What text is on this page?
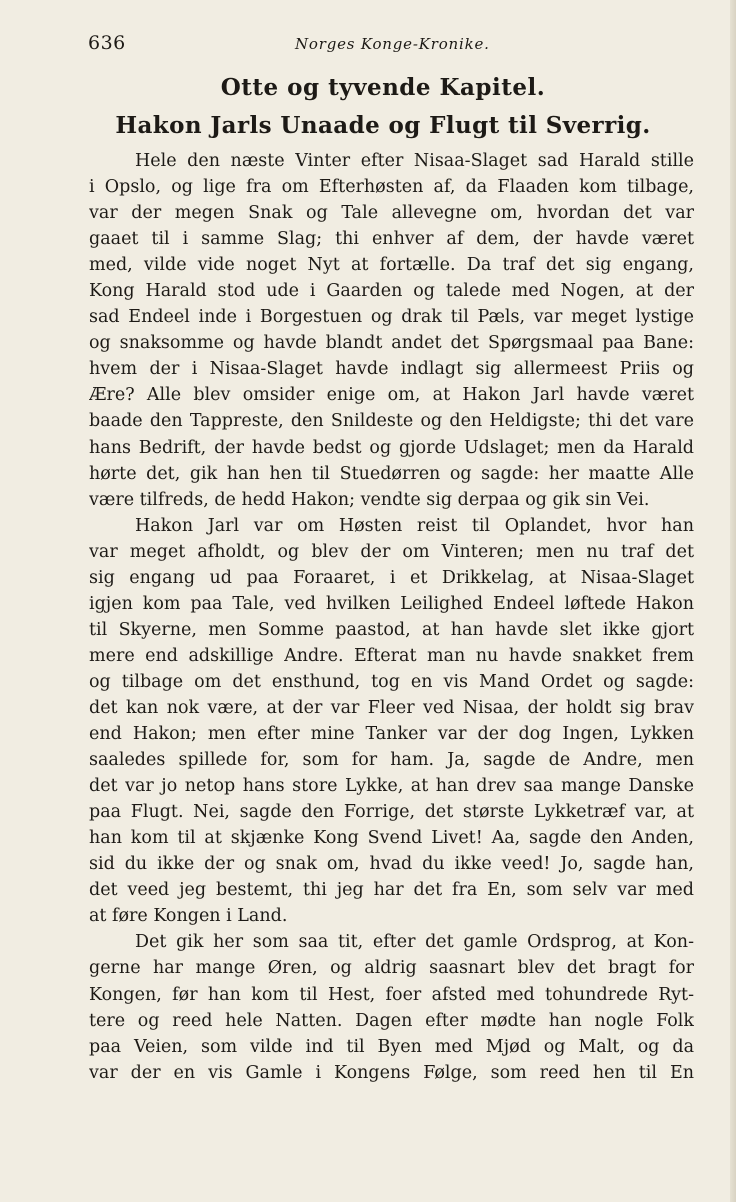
636	Norges Konge-Kronike.
Otte og tyvende Kapitel.
Hakon Jarls Unaade og Flugt til Sverrig.
Hele den næste Vinter efter Nisaa-Slaget sad Harald stille
i Opslo, og lige fra om Efterhøsten af, da Flaaden kom tilbage,
var der megen Snak og Tale allevegne om, hvordan det var
gaaet til i samme Slag; thi enhver af dem, der havde været
med, vilde vide noget Nyt at fortælle. Da traf det sig engang,
Kong Harald stod ude i Gaarden og talede med Nogen, at der
sad Endeel inde i Borgestuen og drak til Pæls, var meget lystige
og snaksomme og havde blandt andet det Spørgsmaal paa Bane:
hvem der i Nisaa-Slaget havde indlagt sig allermeest Priis og
Ære? Alle blev omsider enige om, at Hakon Jarl havde været
baade den Tappreste, den Snildeste og den Heldigste; thi det vare
hans Bedrift, der havde bedst og gjorde Udslaget; men da Harald
hørte det, gik han hen til Stuedørren og sagde: her maatte Alle
være tilfreds, de hedd Hakon; vendte sig derpaa og gik sin Vei.
Hakon Jarl var om Høsten reist til Oplandet, hvor han
var meget afholdt, og blev der om Vinteren; men nu traf det
sig engang ud paa Foraaret, i et Drikkelag, at Nisaa-Slaget
igjen kom paa Tale, ved hvilken Leilighed Endeel løftede Hakon
til Skyerne, men Somme paastod, at han havde slet ikke gjort
mere end adskillige Andre. Efterat man nu havde snakket frem
og tilbage om det ensthund, tog en vis Mand Ordet og sagde:
det kan nok være, at der var Fleer ved Nisaa, der holdt sig brav
end Hakon; men efter mine Tanker var der dog Ingen, Lykken
saaledes spillede for, som for ham. Ja, sagde de Andre, men
det var jo netop hans store Lykke, at han drev saa mange Danske
paa Flugt. Nei, sagde den Forrige, det største Lykketræf var, at
han kom til at skjænke Kong Svend Livet! Aa, sagde den Anden,
sid du ikke der og snak om, hvad du ikke veed! Jo, sagde han,
det veed jeg bestemt, thi jeg har det fra En, som selv var med
at føre Kongen i Land.
Det gik her som saa tit, efter det gamle Ordsprog, at Kon-
gerne har mange Øren, og aldrig saasnart blev det bragt for
Kongen, før han kom til Hest, foer afsted med tohundrede Ryt-
tere og reed hele Natten. Dagen efter mødte han nogle Folk
paa Veien, som vilde ind til Byen med Mjød og Malt, og da
var der en vis Gamle i Kongens Følge, som reed hen til En
